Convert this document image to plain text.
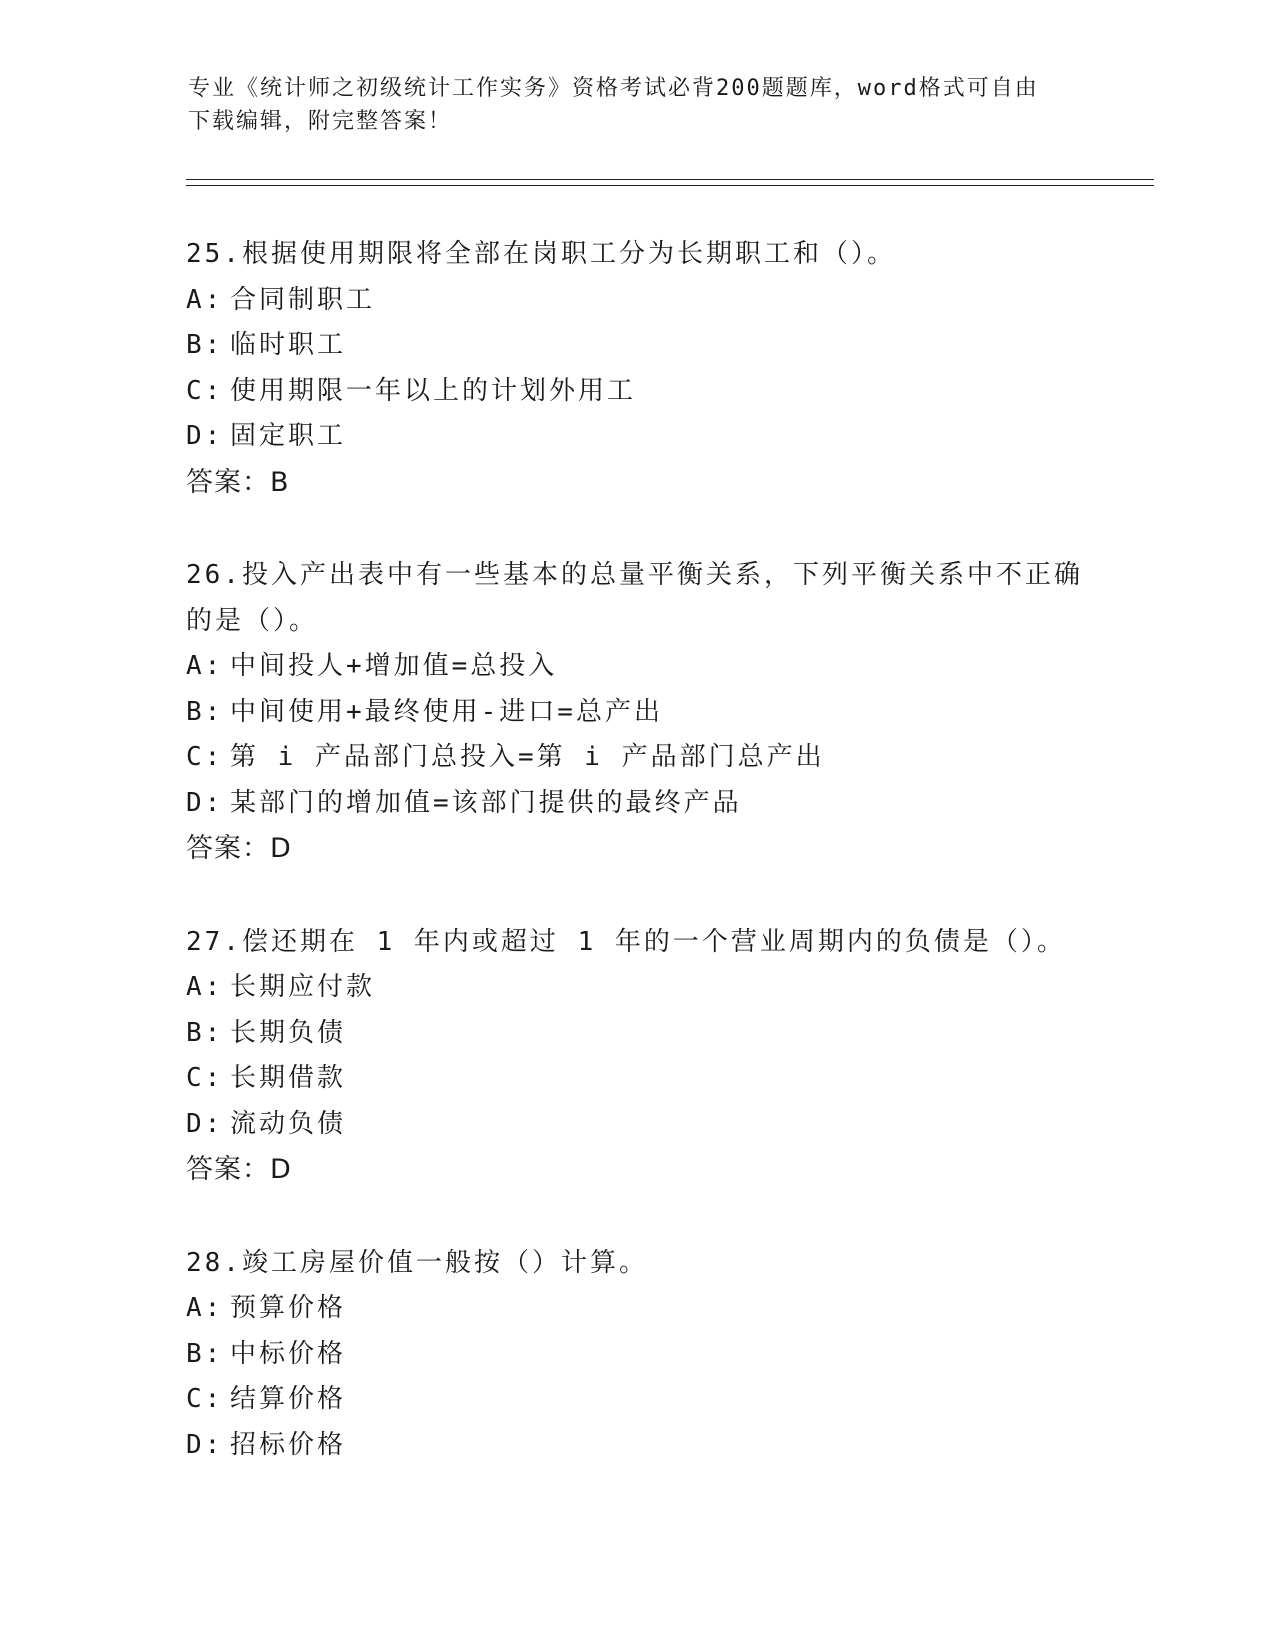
专业《统计师之初级统计工作实务》资格考试必背200题题库，word格式可自由
下载编辑，附完整答案！
25.根据使用期限将全部在岗职工分为长期职工和（）。
A: 合同制职工
B: 临时职工
C: 使用期限一年以上的计划外用工
D: 固定职工
答案：B
26.投入产出表中有一些基本的总量平衡关系，下列平衡关系中不正确
的是（）。
A: 中间投人+增加值=总投入
B: 中间使用+最终使用-进口=总产出
C: 第 i 产品部门总投入=第 i 产品部门总产出
D: 某部门的增加值=该部门提供的最终产品
答案：D
27.偿还期在 1 年内或超过 1 年的一个营业周期内的负债是（）。
A: 长期应付款
B: 长期负债
C: 长期借款
D: 流动负债
答案：D
28.竣工房屋价值一般按（）计算。
A: 预算价格
B: 中标价格
C: 结算价格
D: 招标价格
